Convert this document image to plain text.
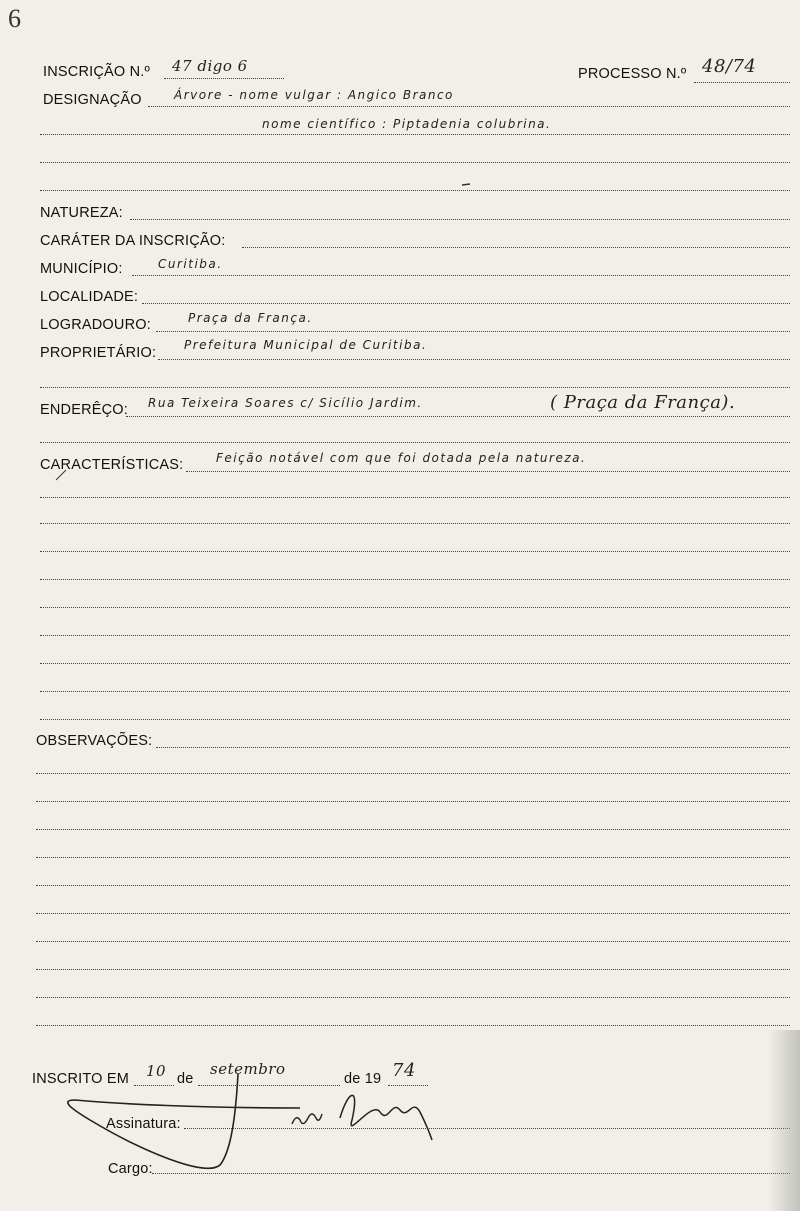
6
INSCRIÇÃO N.º 47 digo 6	PROCESSO N.º 48/74
DESIGNAÇÃO	Árvore - nome vulgar : Angico Branco
nome científico : Piptadenia colubrina.
NATUREZA:
CARÁTER DA INSCRIÇÃO:
MUNICÍPIO:	Curitiba.
LOCALIDADE:
LOGRADOURO:	Praça da França.
PROPRIETÁRIO: Prefeitura Municipal de Curitiba.
ENDERÊÇO: Rua Teixeira Soares c/ Sicílio Jardim.	( Praça da França).
CARACTERÍSTICAS:	Feição notável com que foi dotada pela natureza.
OBSERVAÇÕES:
INSCRITO EM 10 de
setembro
de 19 74
Assinatura:
Cargo:
